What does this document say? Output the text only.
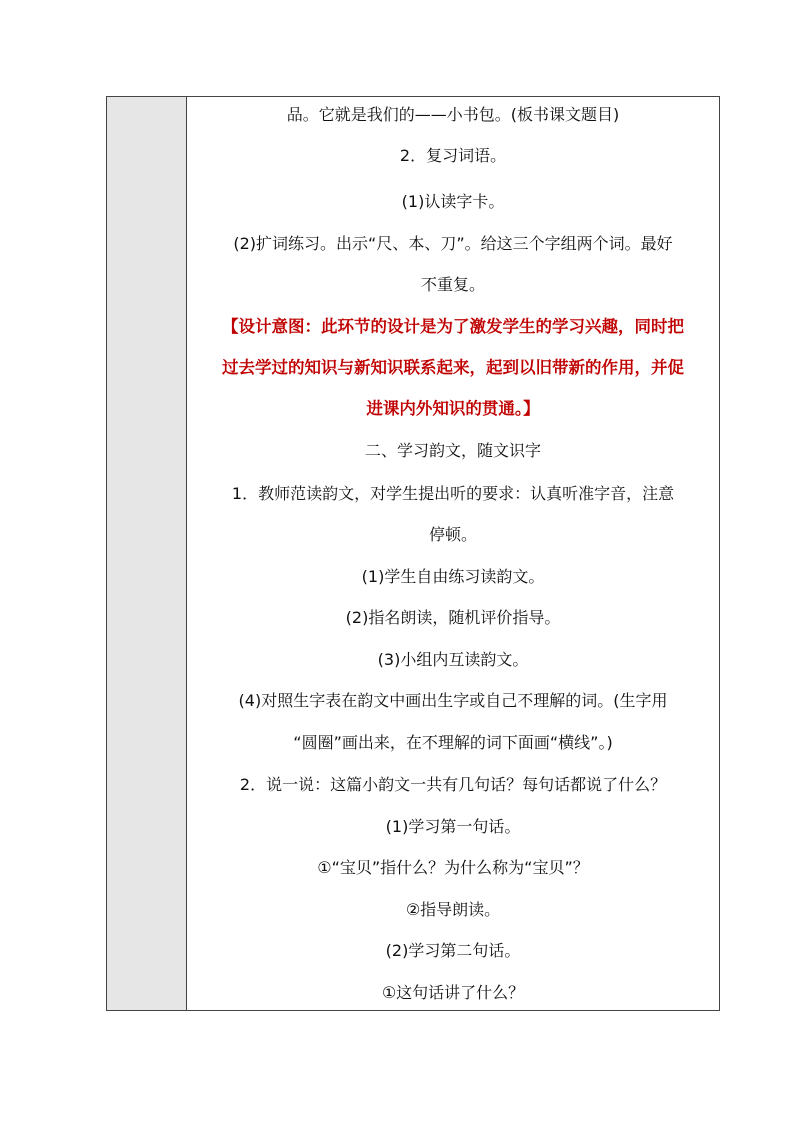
品。它就是我们的——小书包。(板书课文题目)
2．复习词语。
(1)认读字卡。
(2)扩词练习。出示“尺、本、刀”。给这三个字组两个词。最好
不重复。
【设计意图：此环节的设计是为了激发学生的学习兴趣，同时把
过去学过的知识与新知识联系起来，起到以旧带新的作用，并促
进课内外知识的贯通。】
二、学习韵文，随文识字
1．教师范读韵文，对学生提出听的要求：认真听准字音，注意
停顿。
(1)学生自由练习读韵文。
(2)指名朗读，随机评价指导。
(3)小组内互读韵文。
(4)对照生字表在韵文中画出生字或自己不理解的词。(生字用
“圆圈”画出来，在不理解的词下面画“横线”。)
2．说一说：这篇小韵文一共有几句话？每句话都说了什么？
(1)学习第一句话。
①“宝贝”指什么？为什么称为“宝贝”？
②指导朗读。
(2)学习第二句话。
①这句话讲了什么？
